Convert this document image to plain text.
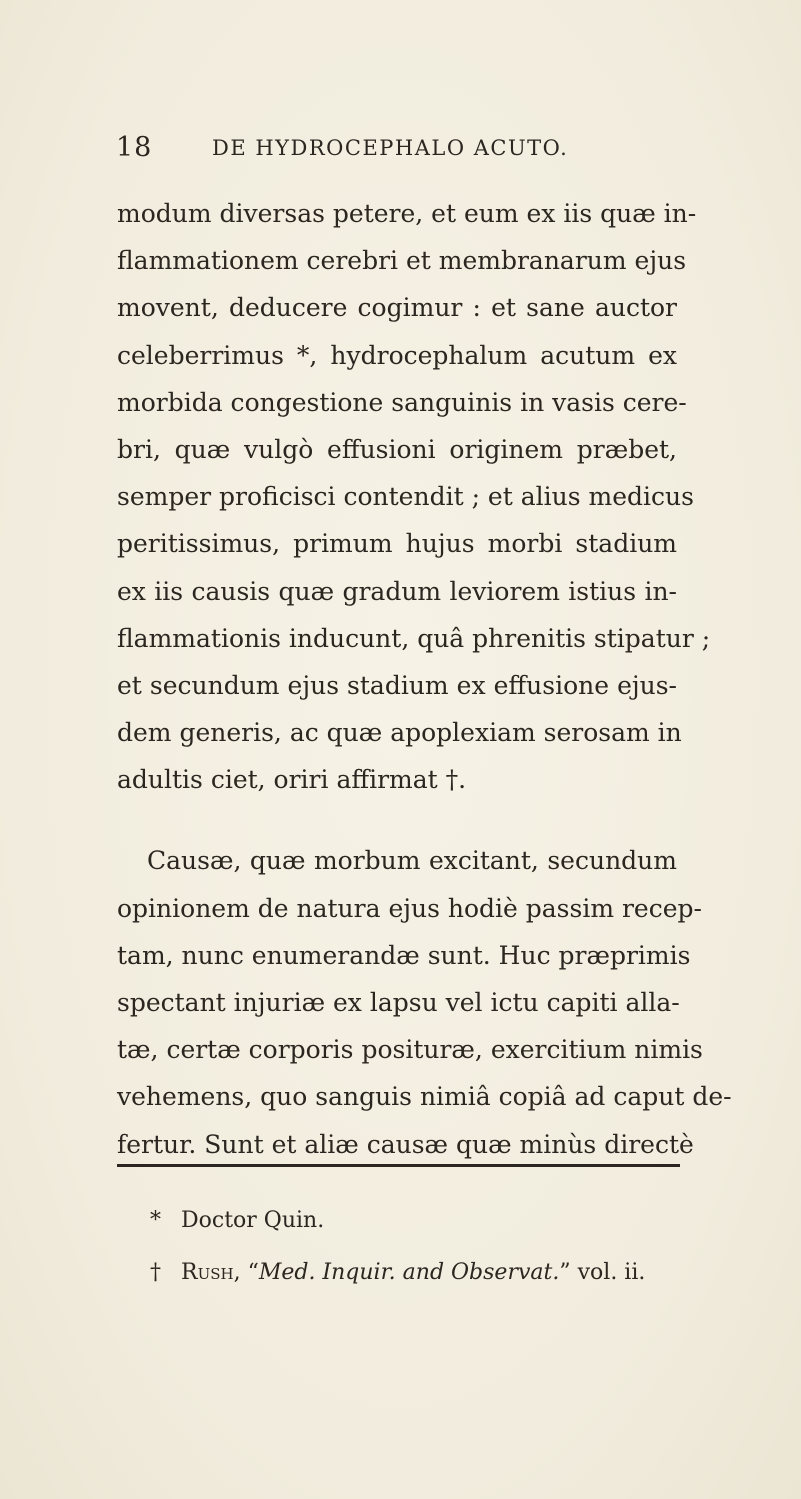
18	DE HYDROCEPHALO ACUTO.
modum diversas petere, et eum ex iis quæ in-
flammationem cerebri et membranarum ejus
movent, deducere cogimur : et sane auctor
celeberrimus *, hydrocephalum acutum ex
morbida congestione sanguinis in vasis cere-
bri, quæ vulgò effusioni originem præbet,
semper proficisci contendit ; et alius medicus
peritissimus, primum hujus morbi stadium
ex iis causis quæ gradum leviorem istius in-
flammationis inducunt, quâ phrenitis stipatur ;
et secundum ejus stadium ex effusione ejus-
dem generis, ac quæ apoplexiam serosam in
adultis ciet, oriri affirmat †.
Causæ, quæ morbum excitant, secundum
opinionem de natura ejus hodiè passim recep-
tam, nunc enumerandæ sunt. Huc præprimis
spectant injuriæ ex lapsu vel ictu capiti alla-
tæ, certæ corporis posituræ, exercitium nimis
vehemens, quo sanguis nimiâ copiâ ad caput de-
fertur. Sunt et aliæ causæ quæ minùs directè
* Doctor Quin.
† Rush, “Med. Inquir. and Observat.” vol. ii.
